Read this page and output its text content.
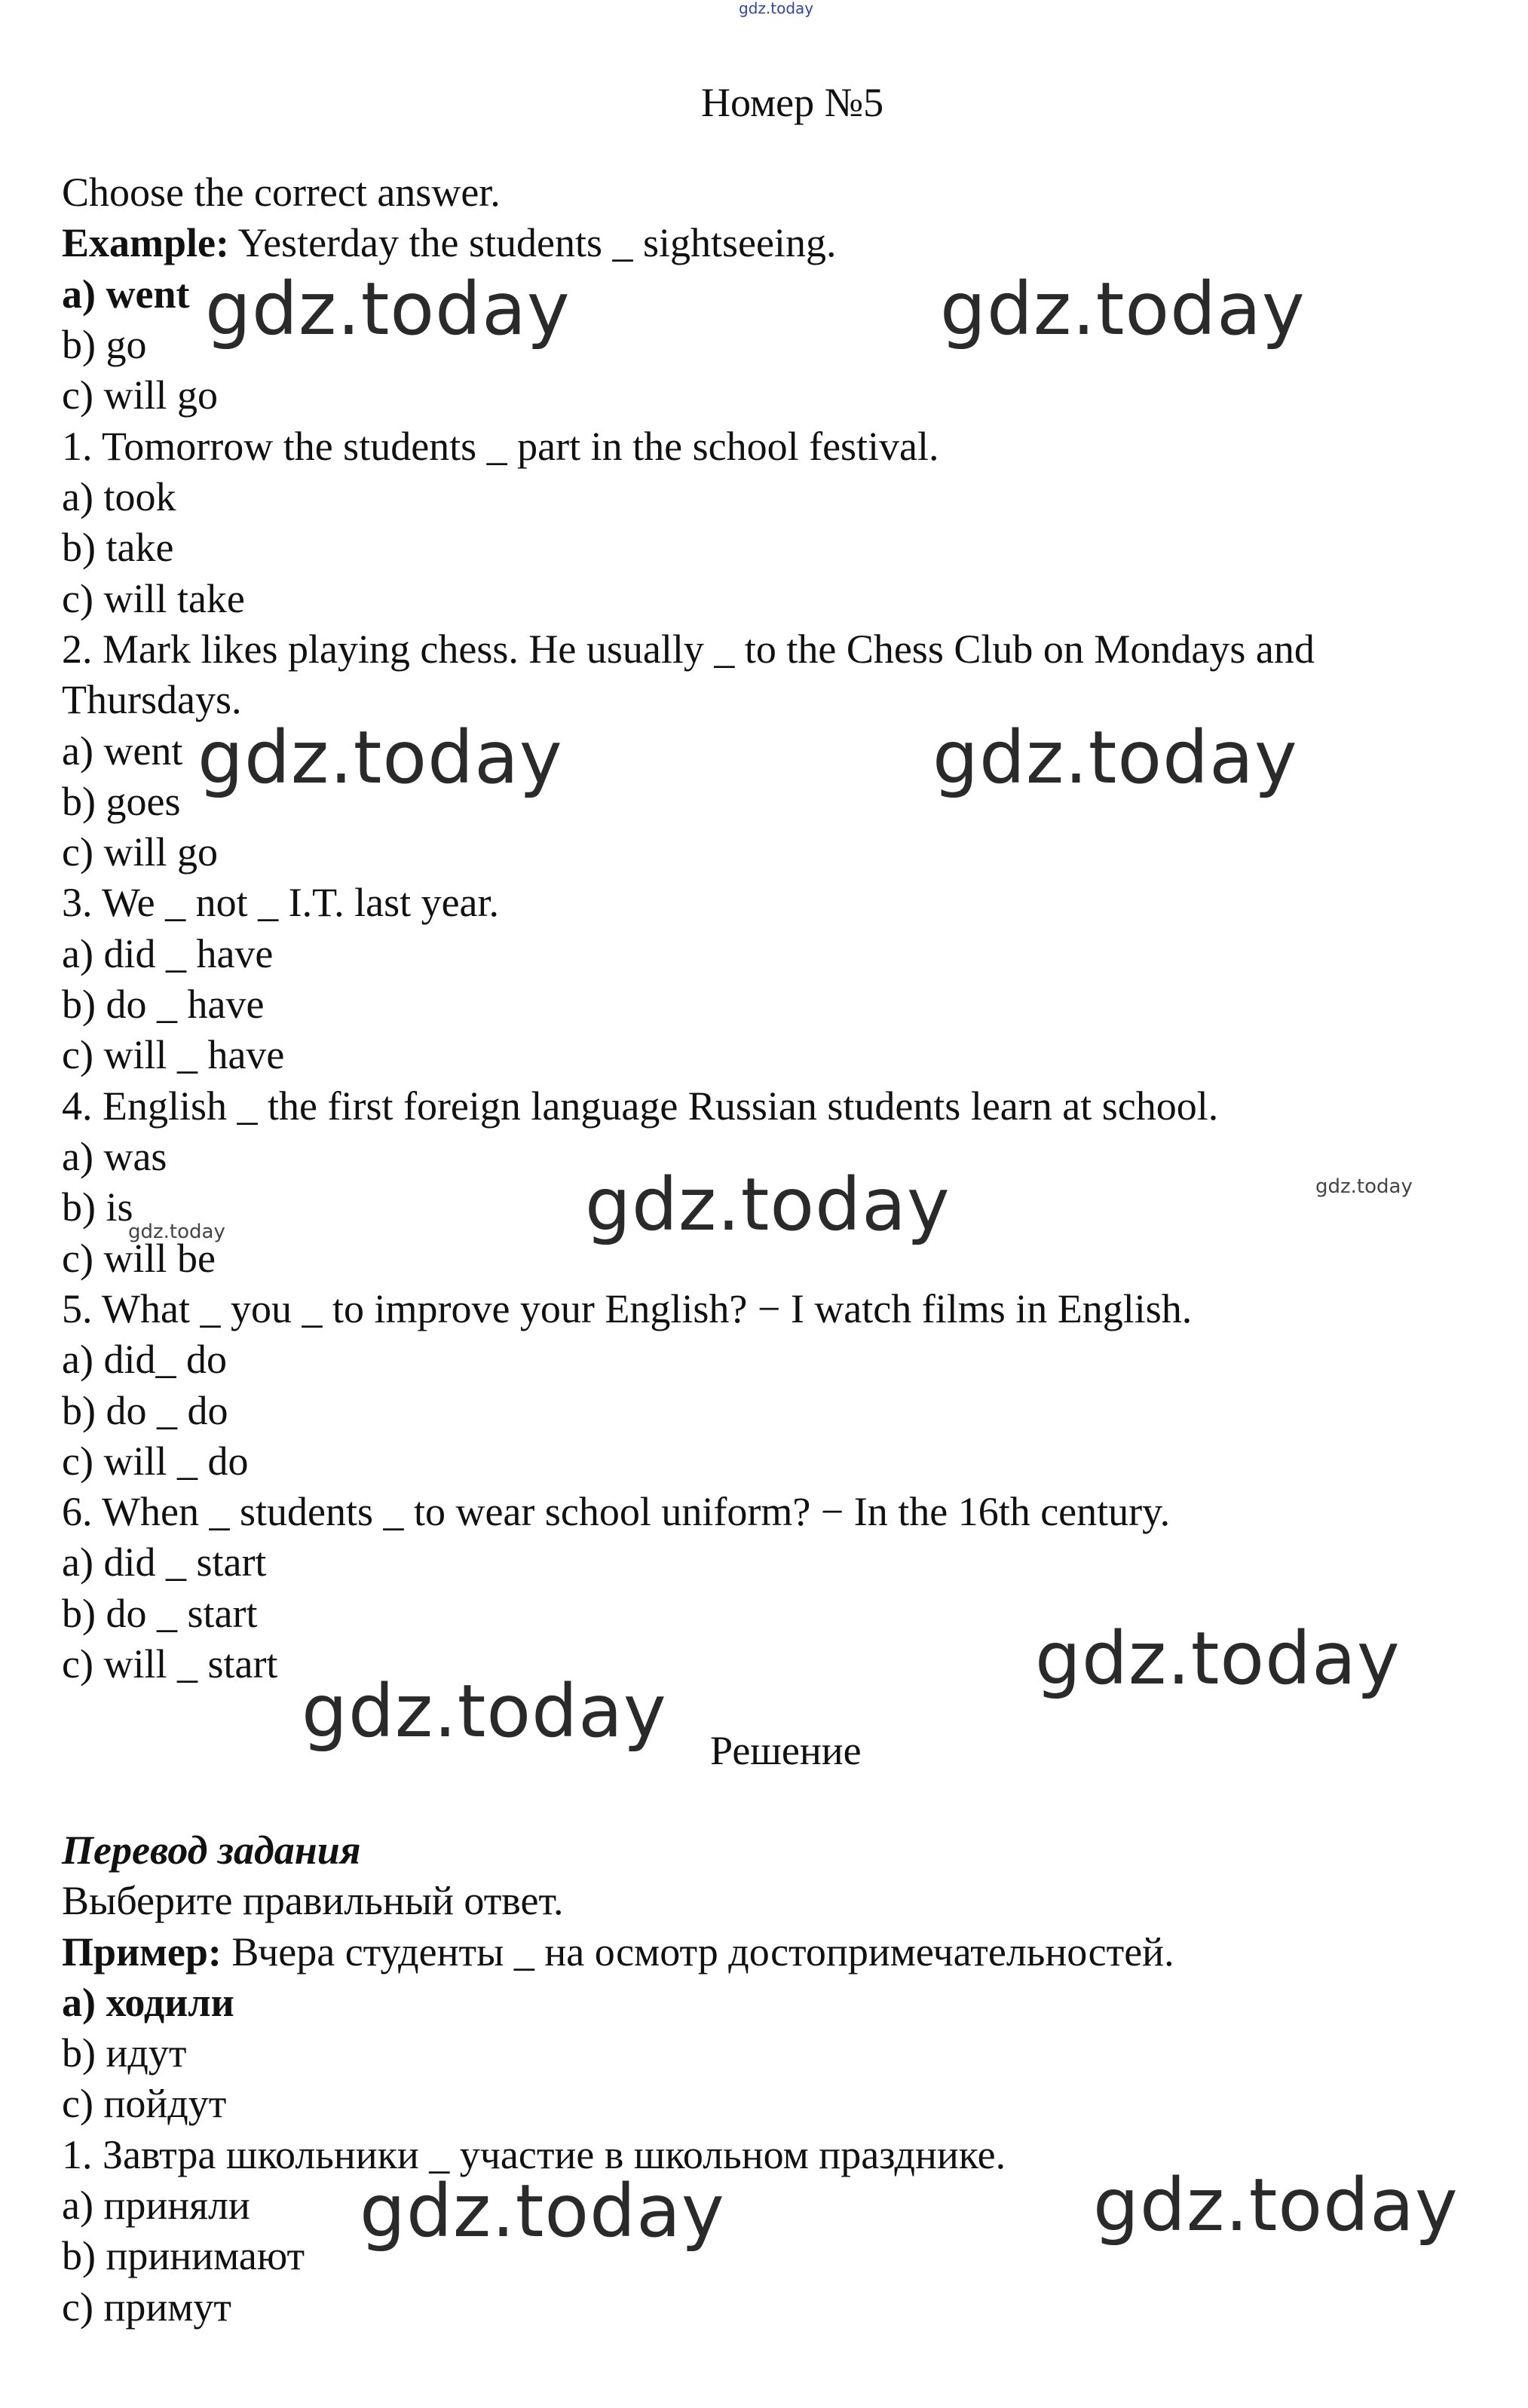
gdz.today
Номер №5
Choose the correct answer.
Example: Yesterday the students _ sightseeing.
a) went
b) go
c) will go
1. Tomorrow the students _ part in the school festival.
a) took
b) take
c) will take
2. Mark likes playing chess. He usually _ to the Chess Club on Mondays and
Thursdays.
a) went
b) goes
c) will go
3. We _ not _ I.T. last year.
a) did _ have
b) do _ have
c) will _ have
4. English _ the first foreign language Russian students learn at school.
a) was
b) is
c) will be
5. What _ you _ to improve your English? − I watch films in English.
a) did_ do
b) do _ do
c) will _ do
6. When _ students _ to wear school uniform? − In the 16th century.
a) did _ start
b) do _ start
c) will _ start
Решение
Перевод задания
Выберите правильный ответ.
Пример: Вчера студенты _ на осмотр достопримечательностей.
a) ходили
b) идут
c) пойдут
1. Завтра школьники _ участие в школьном празднике.
a) приняли
b) принимают
c) примут
gdz.today	gdz.today
gdz.today	gdz.today
gdz.today	gdz.today
gdz.today
gdz.today
gdz.today
gdz.today	gdz.today
